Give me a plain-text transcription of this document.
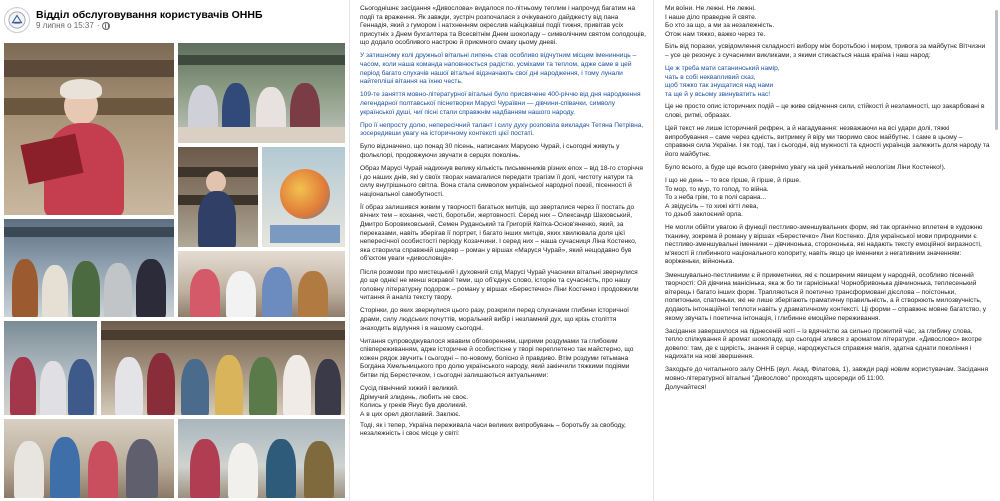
Відділ обслуговування користувачів ОННБ
9 липня о 15:37 ·

Сьогоднішнє засідання «Дивослова» видалося по-літньому теплим і напрочуд багатим на події та враження. Як завжди, зустріч розпочалася з очікуваного дайджесту від пана Геннадія, який з гумором і натхненням окреслив найцікавіші події тижня, привітав усіх присутніх з Днем бухгалтера та Всесвітнім Днем шоколаду – символічним святом солодощів, що додало особливого настрою й приємного смаку цьому дневі.

У затишному колі дружньої вітальні липень став особливо відчутним місцем іменинниць – часом, коли наша команда наповнюється радістю, усміхами та теплом, адже саме в цей період багато слухачів нашої вітальні відзначають свої дні народження, і тому лунали найтепліші вітання на їхню честь.

109-те заняття мовно-літературної вітальні було присвячене 400-річчю від дня народження легендарної полтавської піснетворки Марусі Чураївни — дівчини-співачки, символу української душі, чиї пісні стали справжнім надбанням нашого народу.

Про її непросту долю, непересічний талант і силу духу розповіла викладач Тетяна Петрівна, зосередивши увагу на історичному контексті цієї постаті.

Було відзначено, що понад 30 пісень, написаних Марусею Чурай, і сьогодні живуть у фольклорі, продовжуючи звучати в серцях поколінь.

Образ Марусі Чурай надихнув велику кількість письменників різних епох – від 18-го сторіччя і до наших днів, які у своїх творах намагалися передати трагізм її долі, чистоту натури та силу внутрішнього світла. Вона стала символом української народної поезії, пісенності й національної самобутності.

Її образ залишився живим у творчості багатьох митців, що зверталися через її постать до вічних тем – кохання, честі, боротьби, жертовності. Серед них – Олександр Шаховський, Дмитро Боровиковський, Семен Руданський та Григорій Квітка-Основ'яненко, який, за переказами, навіть зберігав її портрет, і багато інших митців, яких хвилювала доля цієї непересічної особистості періоду Козаччини. І серед них – наша сучасниця Ліна Костенко, яка створила справжній шедевр – роман у віршах «Маруся Чурай», який нещодавно був об'єктом уваги «дивословців».

Після розмови про мистецький і духовний слід Марусі Чурай учасники вітальні звернулися до ще однієї не менш яскравої теми, що об'єднує слово, історію та сучасність, про нашу головну літературну подорож – роману у віршах «Берестечко» Ліни Костенко і продовжили читання й аналіз тексту твору.

Сторінки, до яких звернулися цього разу, розкрили перед слухачами глибини історичної драми, силу людських почуттів, моральний вибір і незламний дух, що крізь століття знаходить відлуння і в нашому сьогодні.

Читання супроводжувалося жвавим обговоренням, щирими роздумами та глибоким співпереживанням, адже історичне й особистісне у творі переплетено так майстерно, що кожен рядок звучить і сьогодні – по-новому, болісно й правдиво. Втім роздуми гетьмана Богдана Хмельницького про долю українського народу, який закінчили тяжкими подіями битви під Берестечком, і сьогодні залишаються актуальними:

Сусід північний хижий і великий.
Дрімучий злидень, любить не своє.
Колись у греків Янус був дволикий.
А в цих орел двоглавий. Заклює.

Тоді, як і тепер, Україна переживала часи великих випробувань – боротьбу за свободу, незалежність і своє місце у світі:

Ми воїни. Не лежні. Не лежні.
І наше діло праведне й святе.
Бо хто за що, а ми за незалежність.
Отож нам тяжко, важко через те.

Біль від поразки, усвідомлення складності вибору між боротьбою і миром, тривога за майбутнє Вітчизни – усе це резонує з сучасними викликами, з якими стикається наша країна і наш народ:

Це ж треба мати сатанинський намір,
чать в собі неквапливий сказ,
щоб тяжко так знущатися над нами
та ще й у всьому звинуватить нас!

Це не просто опис історичних подій – це живе свідчення сили, стійкості й незламності, що закарбовані в слові, ритмі, образах.

Цей текст не лише історичний рефрен, а й нагадування: незважаючи на всі удари долі, тяжкі випробування – саме через єдність, витримку й віру ми творимо своє майбутнє. І саме в цьому – справжня сила України. І як тоді, так і сьогодні, від мужності та єдності українців залежить доля народу та його майбутнє.

Було всього, а буде ще всього (звернімо увагу на цей унікальний неологізм Ліни Костенко!).

І що не день – то все гірше, й гірше, й гірше.
То мор, то мур, то голод, то війна.
То з неба грім, то в полі сарана...
А звідусіль – то хижі кігті лева,
то дзьоб заклоєний орла.

Не могли обійти увагою й функції пестливо-зменшувальних форм, які так органічно вплетені в художню тканину, зокрема й роману у віршах «Берестечко» Ліни Костенко. Для української мови природними є пестливо-зменшувальні іменники – дівчинонька, сторононька, які надають тексту емоційної виразності, м'якості й глибинного національного колориту, навіть якщо це іменники з негативним значенням: воріженьки, війнонька.

Зменшувально-пестливими є й прикметники, які є поширеним явищем у народній, особливо пісенній творчості: Ой дівчина манісінька, яка ж бо ти гарнісінька! Чорнобривонька дівчинонька, теплесенький вітерець і багато інших форм. Трапляються й поетично трансформовані дієслова – поїстоньки, попитоньки, спатоньки, які не лише зберігають граматичну правильність, а й створюють милозвучність, додають інтонаційної теплоти навіть у драматичному контексті. Ці форми – справжнє мовне багатство, у якому звучать і поетична інтонація, і глибинне емоційне переживання.

Засідання завершилося на піднесеній ноті – із вдячністю за сильно прожитий час, за глибину слова, тепло спілкування й аромат шоколаду, що сьогодні злився з ароматом літератури. «Дивослово» вкотре довело: там, де є щирість, знання й серце, народжується справжня магія, здатна єднати покоління і надихати на нові звершення.

Заходьте до читального залу ОННБ (вул. Акад. Філатова, 1), завжди раді новим користувачам. Засідання мовно-літературної вітальні "Дивослово" проходять щосереди об 11:00.
Долучайтеся!
